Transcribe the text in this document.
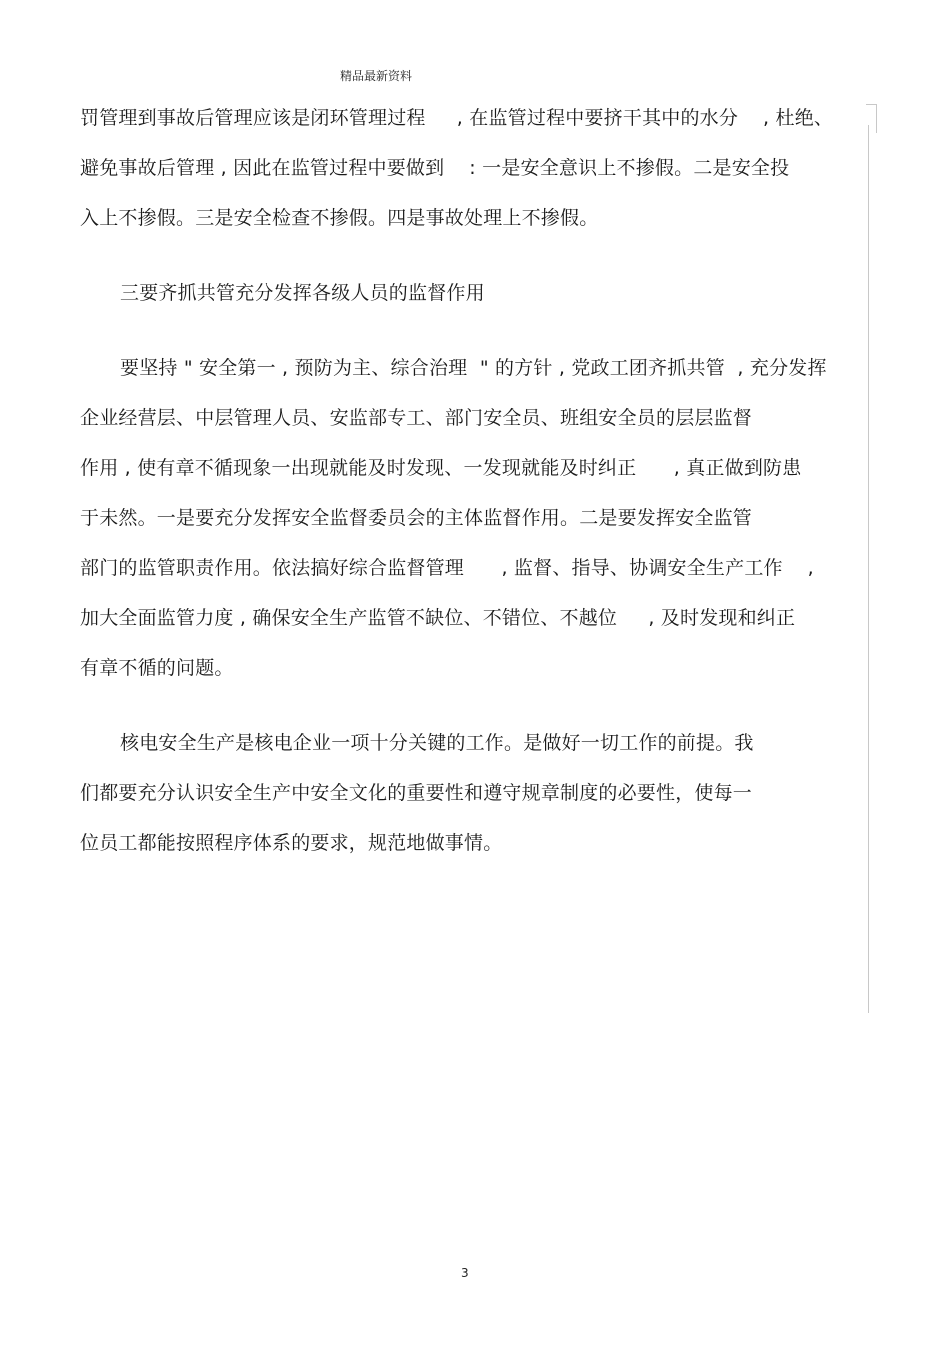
精品最新资料
罚管理到事故后管理应该是闭环管理过程     , 在监管过程中要挤干其中的水分    , 杜绝、
避免事故后管理 , 因此在监管过程中要做到    : 一是安全意识上不掺假。二是安全投
入上不掺假。三是安全检查不掺假。四是事故处理上不掺假。
三要齐抓共管充分发挥各级人员的监督作用
要坚持 " 安全第一 , 预防为主、综合治理  " 的方针 , 党政工团齐抓共管  , 充分发挥
企业经营层、中层管理人员、安监部专工、部门安全员、班组安全员的层层监督
作用 , 使有章不循现象一出现就能及时发现、一发现就能及时纠正      , 真正做到防患
于未然。一是要充分发挥安全监督委员会的主体监督作用。二是要发挥安全监管
部门的监管职责作用。依法搞好综合监督管理      , 监督、指导、协调安全生产工作    ,
加大全面监管力度 , 确保安全生产监管不缺位、不错位、不越位     , 及时发现和纠正
有章不循的问题。
核电安全生产是核电企业一项十分关键的工作。是做好一切工作的前提。我
们都要充分认识安全生产中安全文化的重要性和遵守规章制度的必要性，使每一
位员工都能按照程序体系的要求，规范地做事情。
3
